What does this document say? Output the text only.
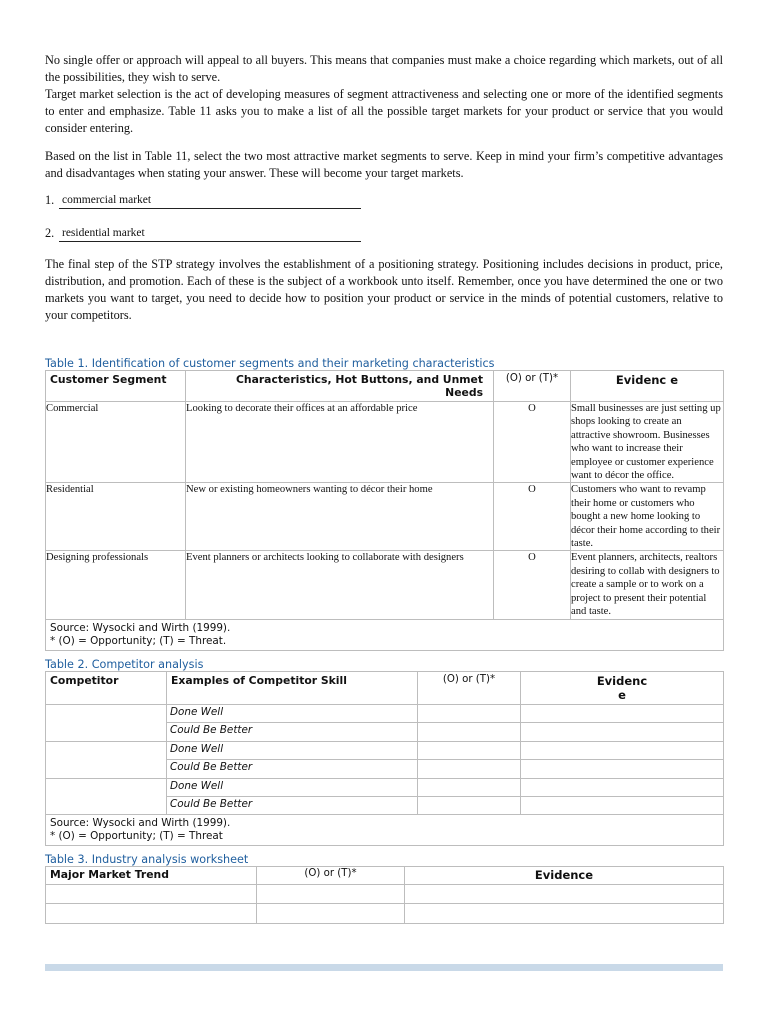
No single offer or approach will appeal to all buyers. This means that companies must make a choice regarding which markets, out of all the possibilities, they wish to serve.

Target market selection is the act of developing measures of segment attractiveness and selecting one or more of the identified segments to enter and emphasize. Table 11 asks you to make a list of all the possible target markets for your product or service that you would consider entering.

Based on the list in Table 11, select the two most attractive market segments to serve. Keep in mind your firm’s competitive advantages and disadvantages when stating your answer. These will become your target markets.

1. commercial market
2. residential market

The final step of the STP strategy involves the establishment of a positioning strategy. Positioning includes decisions in product, price, distribution, and promotion. Each of these is the subject of a workbook unto itself. Remember, once you have determined the one or two markets you want to target, you need to decide how to position your product or service in the minds of potential customers, relative to your competitors.

Table 1. Identification of customer segments and their marketing characteristics
Customer Segment	Characteristics, Hot Buttons, and Unmet Needs	(O) or (T)*	Evidenc e
Commercial	Looking to decorate their offices at an affordable price	O	Small businesses are just setting up shops looking to create an attractive showroom. Businesses who want to increase their employee or customer experience want to décor the office.
Residential	New or existing homeowners wanting to décor their home	O	Customers who want to revamp their home or customers who bought a new home looking to décor their home according to their taste.
Designing professionals	Event planners or architects looking to collaborate with designers	O	Event planners, architects, realtors desiring to collab with designers to create a sample or to work on a project to present their potential and taste.

Source: Wysocki and Wirth (1999).
* (O) = Opportunity; (T) = Threat.			
Table 2. Competitor analysis
Competitor	Examples of Competitor Skill	(O) or (T)*	Evidenc e
	Done Well		
	Could Be Better		
	Done Well		
	Could Be Better		
	Done Well		
	Could Be Better		

Source: Wysocki and Wirth (1999).
* (O) = Opportunity; (T) = Threat			
Table 3. Industry analysis worksheet
Major Market Trend	(O) or (T)*	Evidence
